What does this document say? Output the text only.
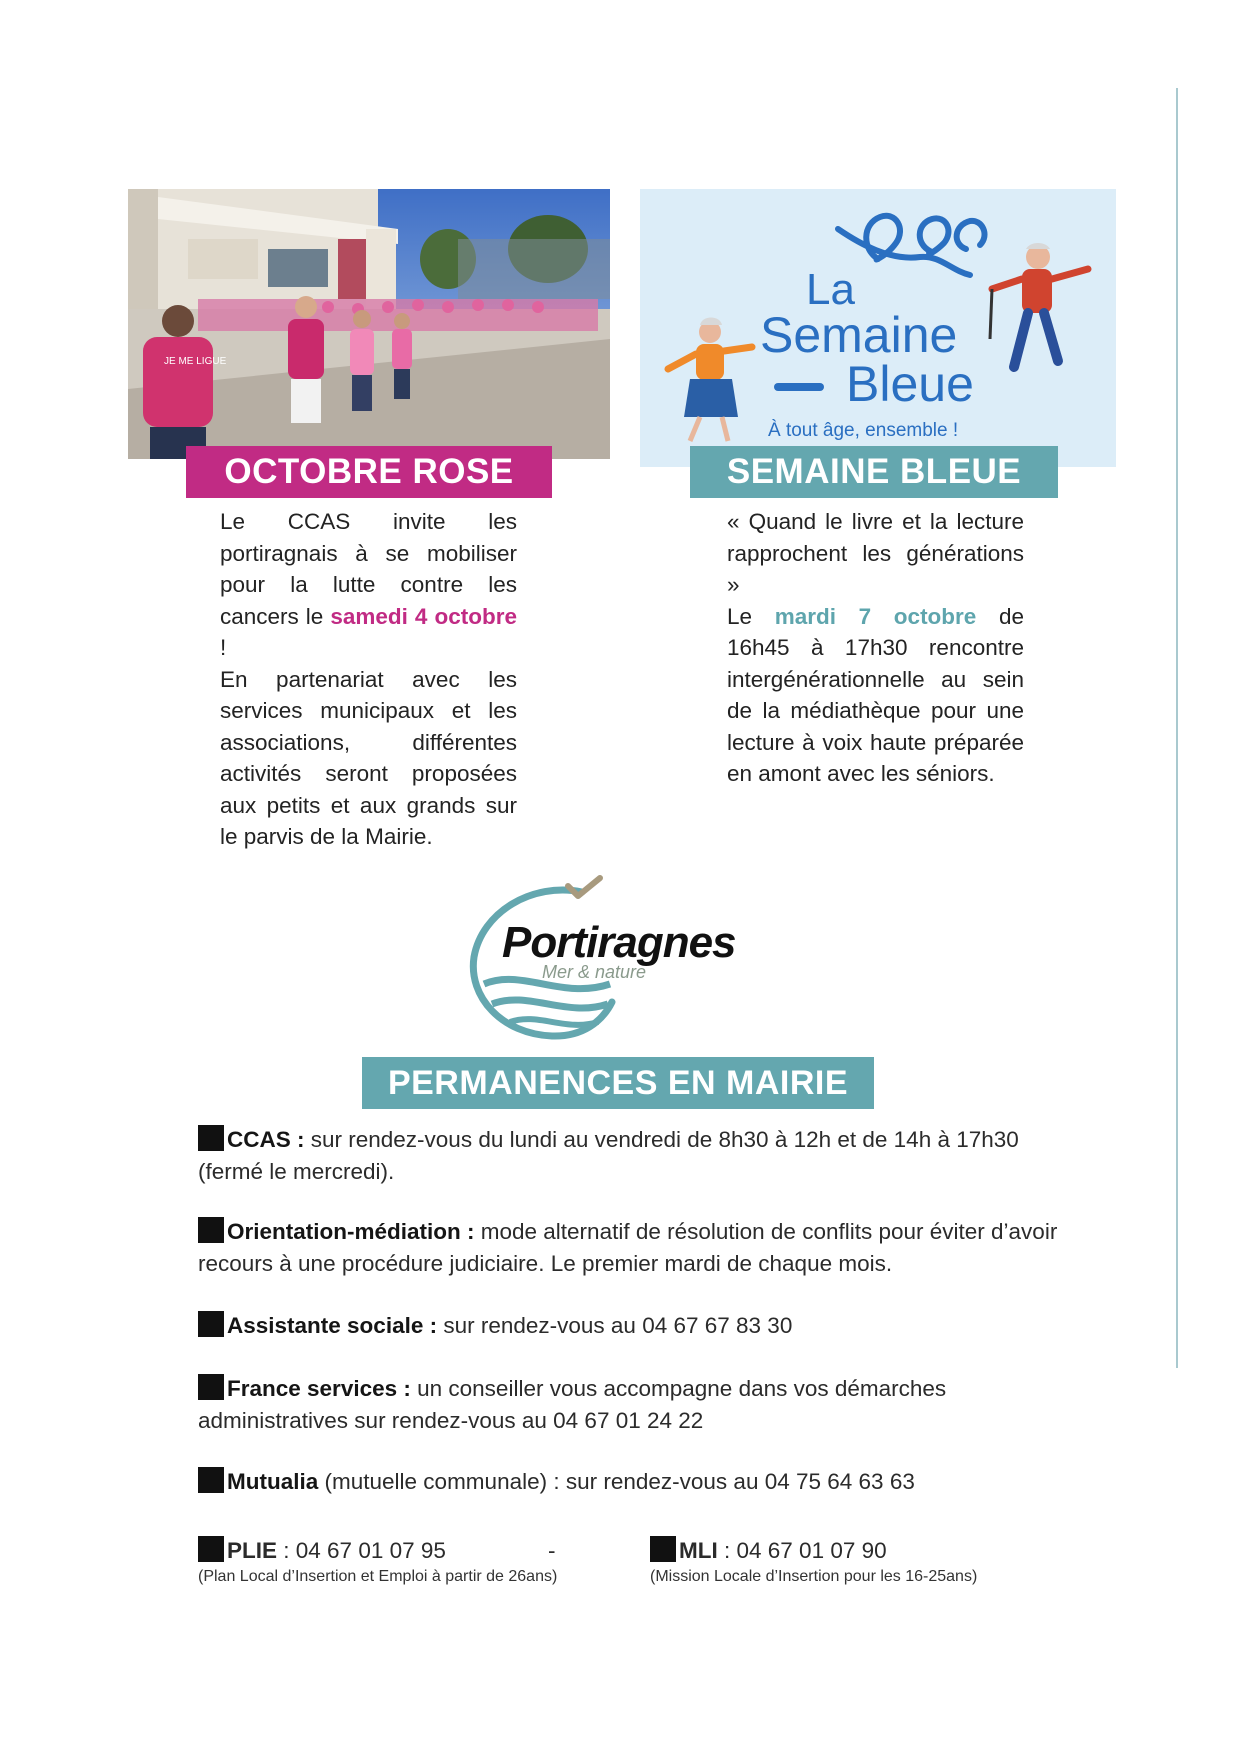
JE ME LIGUE
La
Semaine
Bleue
À tout âge, ensemble !
OCTOBRE ROSE	SEMAINE BLEUE

Le CCAS invite les portiragnais à se mobiliser pour la lutte contre les cancers le samedi 4 octobre !

En partenariat avec les services municipaux et les associations, différentes activités seront proposées aux petits et aux grands sur le parvis de la Mairie.

« Quand le livre et la lecture rapprochent les générations »

Le mardi 7 octobre de 16h45 à 17h30 rencontre intergénérationnelle au sein de la médiathèque pour une lecture à voix haute préparée en amont avec les séniors.

Portiragnes
Mer & nature
PERMANENCES EN MAIRIE

CCAS : sur rendez-vous du lundi au vendredi de 8h30 à 12h et de 14h à 17h30 (fermé le mercredi).

Orientation-médiation : mode alternatif de résolution de conflits pour éviter d’avoir recours à une procédure judiciaire. Le premier mardi de chaque mois.

Assistante sociale : sur rendez-vous au 04 67 67 83 30

France services : un conseiller vous accompagne dans vos démarches administratives sur rendez-vous au 04 67 01 24 22

Mutualia (mutuelle communale) : sur rendez-vous au 04 75 64 63 63

PLIE : 04 67 01 07 95
(Plan Local d’Insertion et Emploi à partir de 26ans)
-	MLI : 04 67 01 07 90
(Mission Locale d’Insertion pour les 16-25ans)
